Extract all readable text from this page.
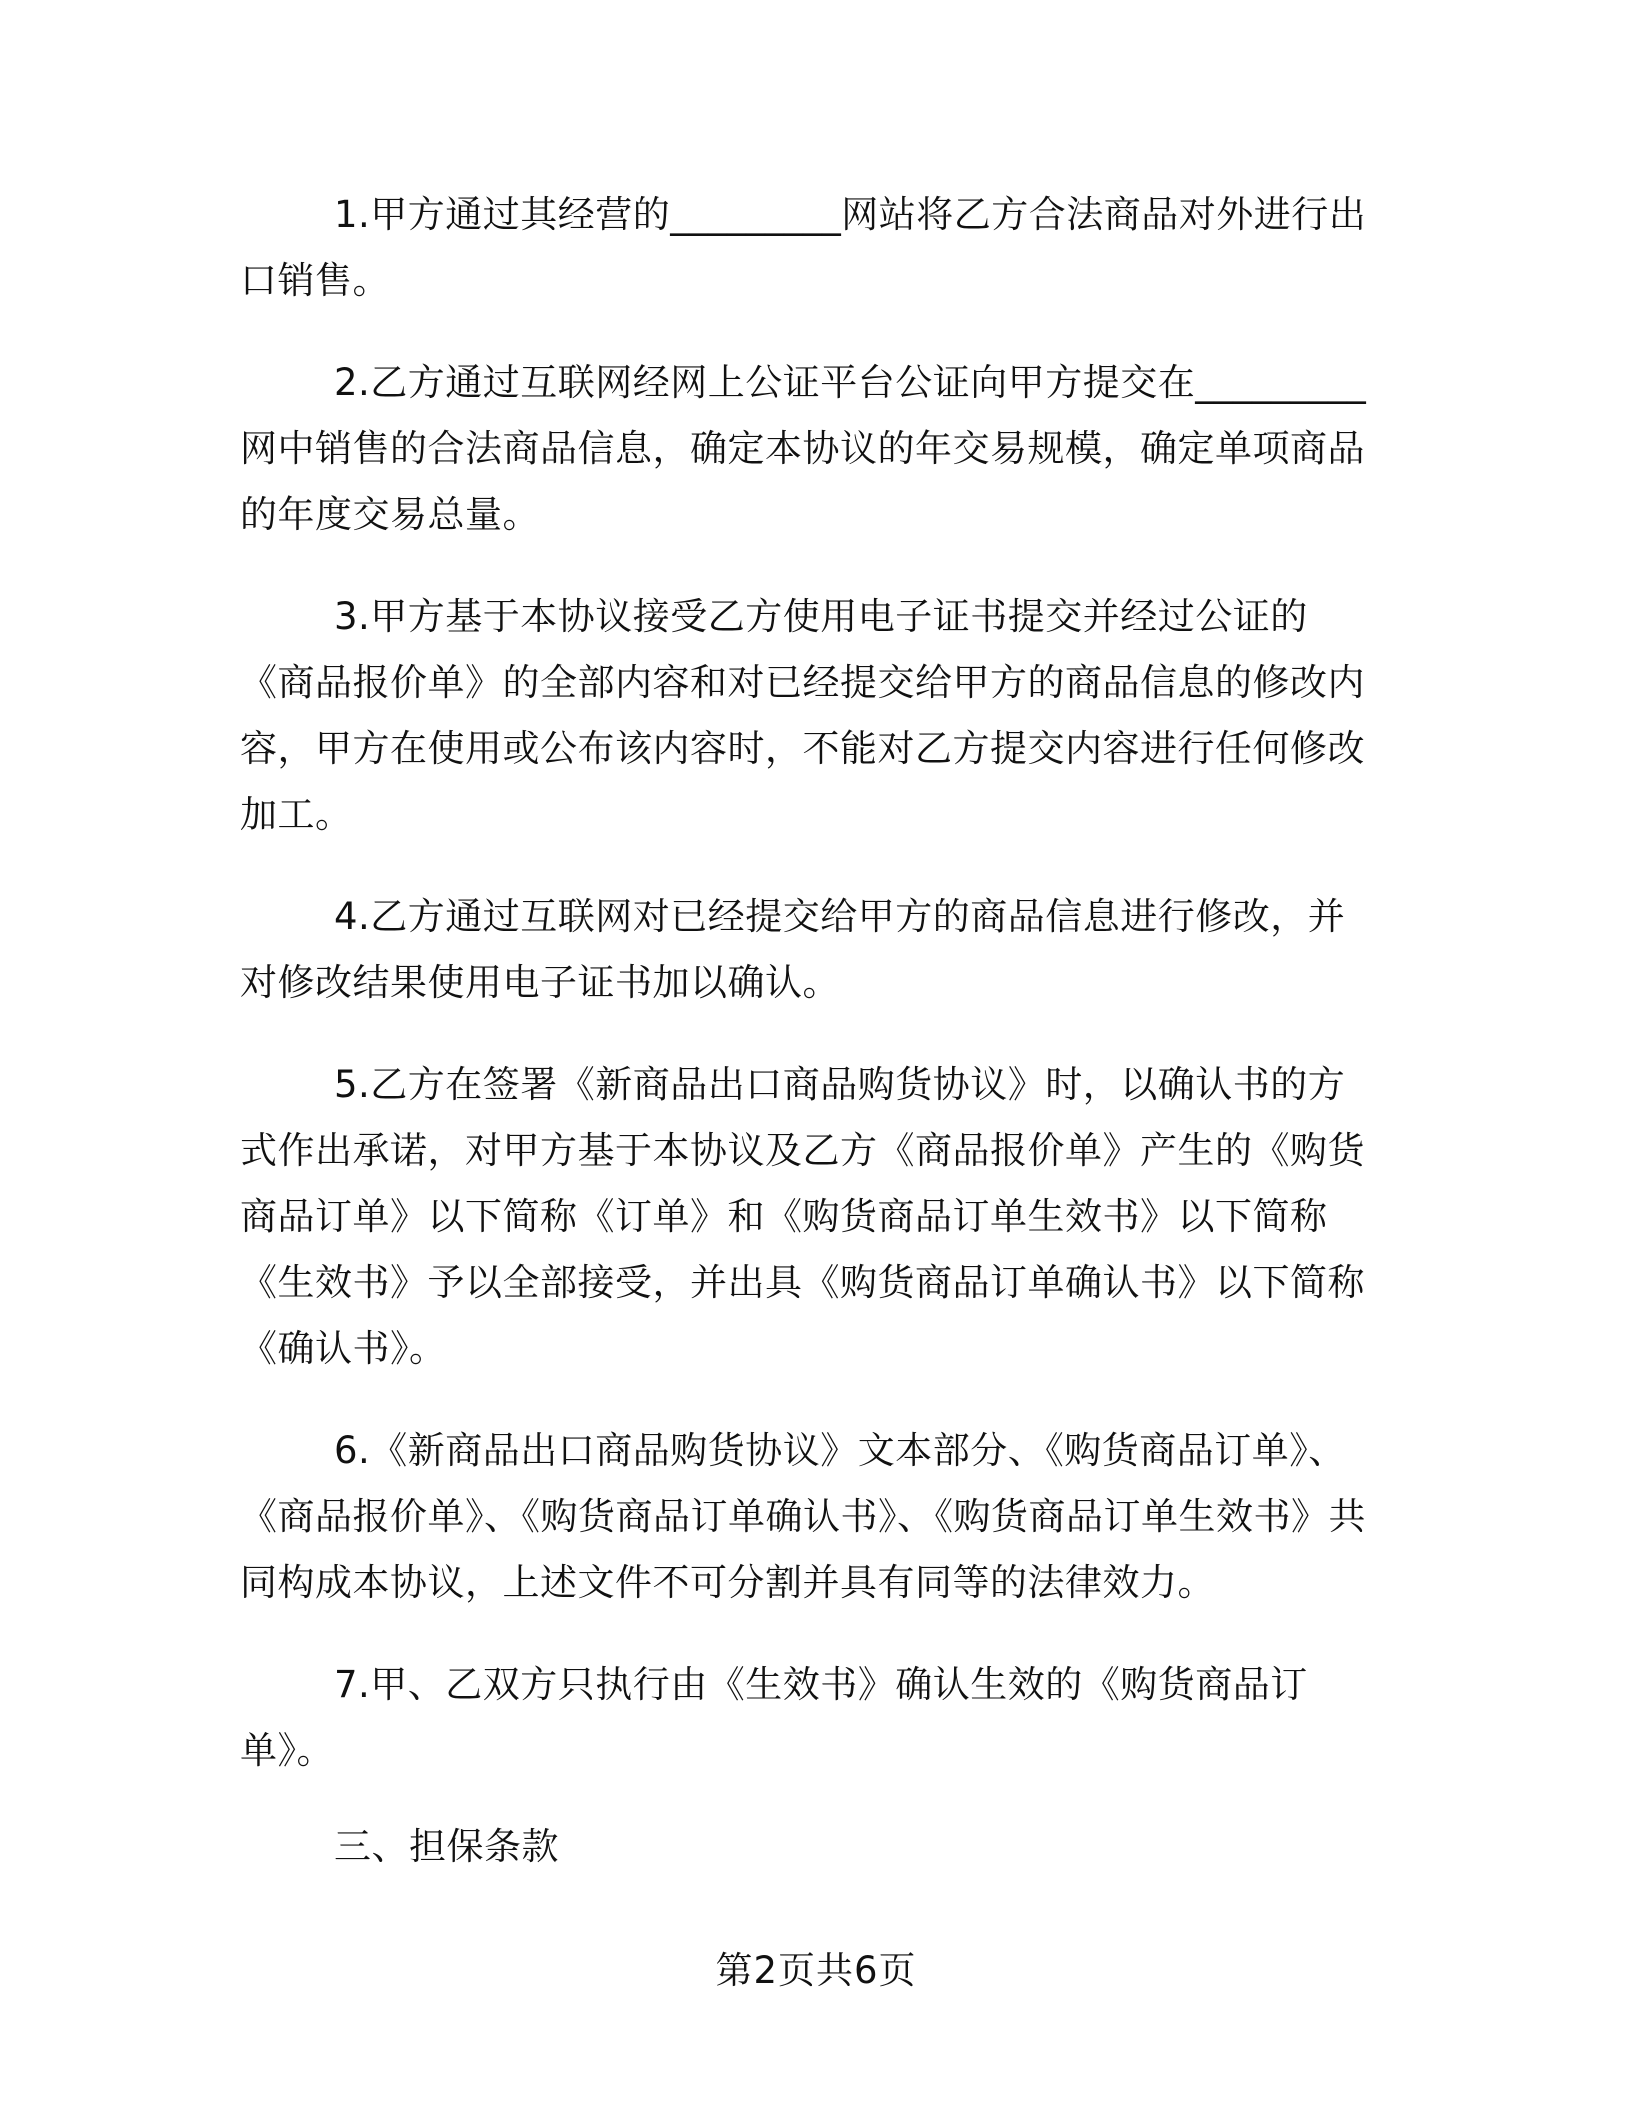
1.甲方通过其经营的_________网站将乙方合法商品对外进行出口销售。

2.乙方通过互联网经网上公证平台公证向甲方提交在_________网中销售的合法商品信息，确定本协议的年交易规模，确定单项商品的年度交易总量。

3.甲方基于本协议接受乙方使用电子证书提交并经过公证的《商品报价单》的全部内容和对已经提交给甲方的商品信息的修改内容，甲方在使用或公布该内容时，不能对乙方提交内容进行任何修改加工。

4.乙方通过互联网对已经提交给甲方的商品信息进行修改，并对修改结果使用电子证书加以确认。

5.乙方在签署《新商品出口商品购货协议》时，以确认书的方式作出承诺，对甲方基于本协议及乙方《商品报价单》产生的《购货商品订单》以下简称《订单》和《购货商品订单生效书》以下简称《生效书》予以全部接受，并出具《购货商品订单确认书》以下简称《确认书》。

6.《新商品出口商品购货协议》文本部分、《购货商品订单》、《商品报价单》、《购货商品订单确认书》、《购货商品订单生效书》共同构成本协议，上述文件不可分割并具有同等的法律效力。

7.甲、乙双方只执行由《生效书》确认生效的《购货商品订单》。

三、担保条款

第2页共6页
